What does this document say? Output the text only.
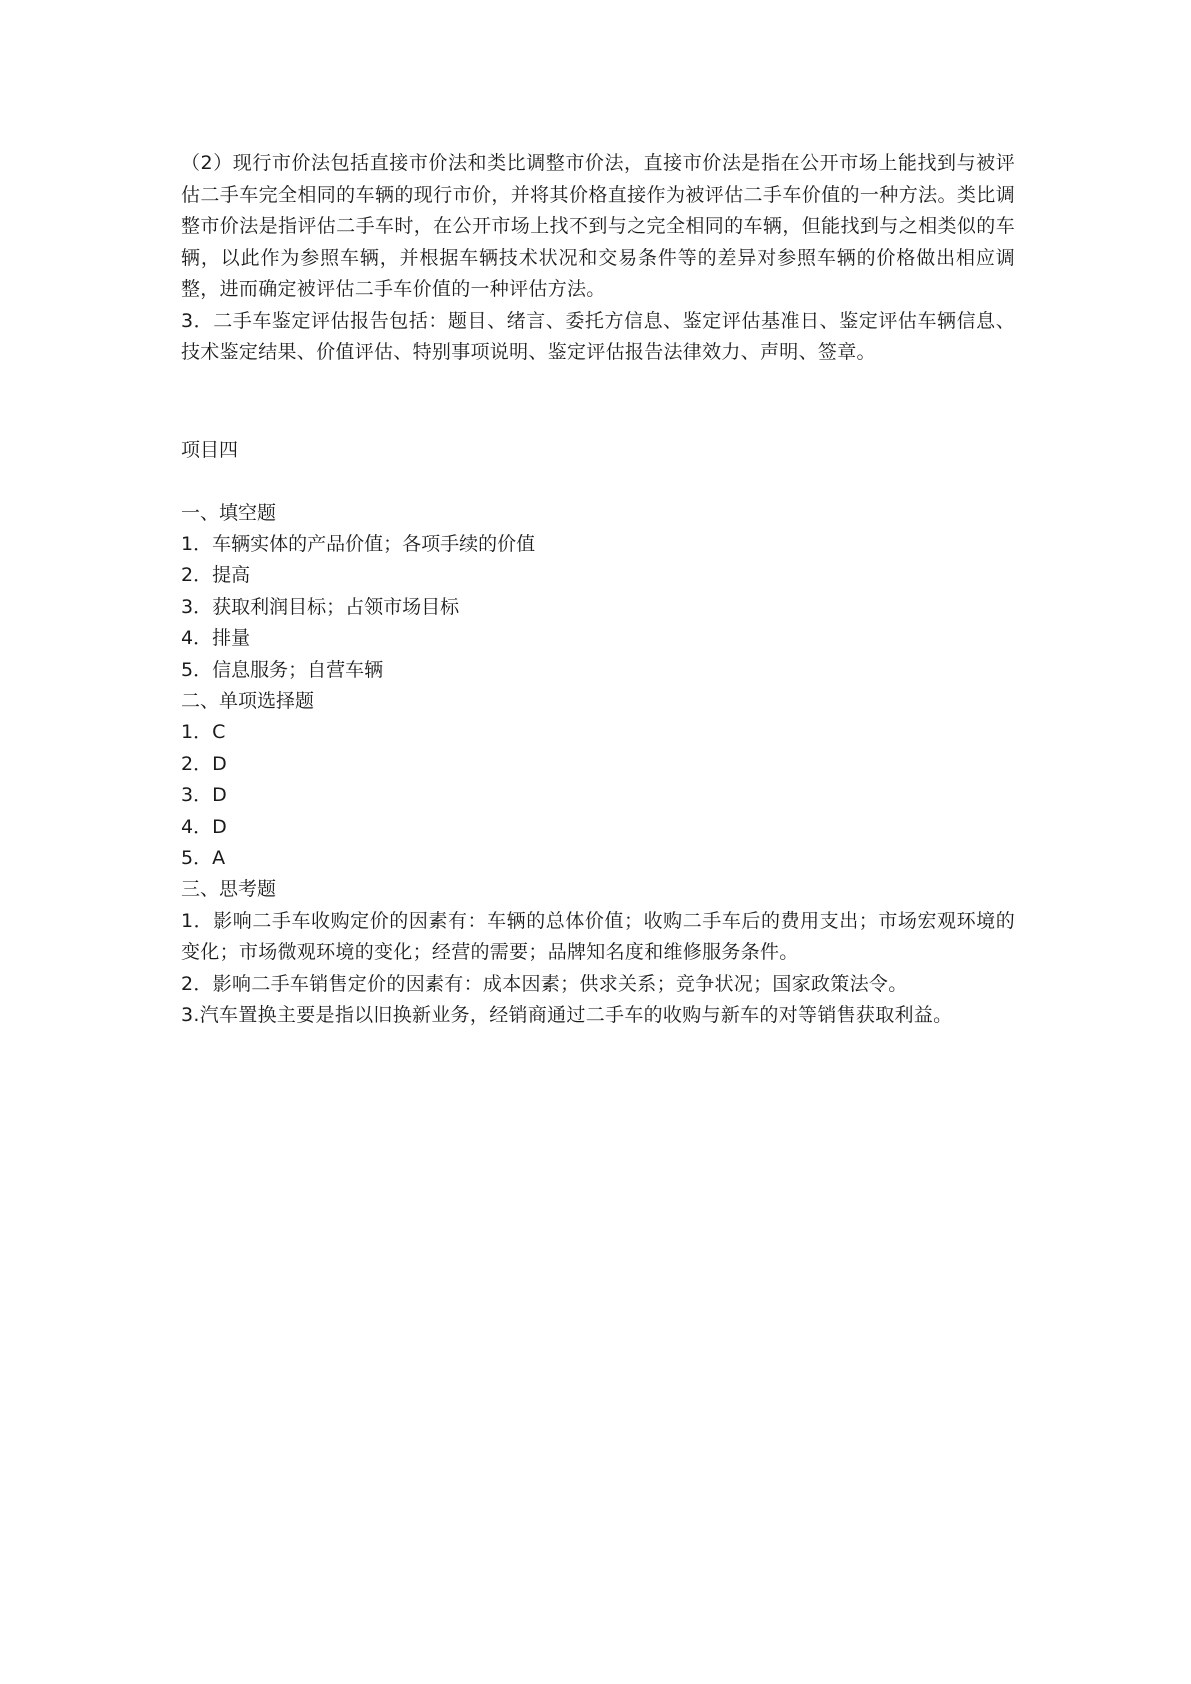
（2）现行市价法包括直接市价法和类比调整市价法，直接市价法是指在公开市场上能找到与被评估二手车完全相同的车辆的现行市价，并将其价格直接作为被评估二手车价值的一种方法。类比调整市价法是指评估二手车时，在公开市场上找不到与之完全相同的车辆，但能找到与之相类似的车辆，以此作为参照车辆，并根据车辆技术状况和交易条件等的差异对参照车辆的价格做出相应调整，进而确定被评估二手车价值的一种评估方法。

3．二手车鉴定评估报告包括：题目、绪言、委托方信息、鉴定评估基准日、鉴定评估车辆信息、技术鉴定结果、价值评估、特别事项说明、鉴定评估报告法律效力、声明、签章。

项目四

一、填空题

1．车辆实体的产品价值；各项手续的价值

2．提高

3．获取利润目标；占领市场目标

4．排量

5．信息服务；自营车辆

二、单项选择题

1．C

2．D

3．D

4．D

5．A

三、思考题

1．影响二手车收购定价的因素有：车辆的总体价值；收购二手车后的费用支出；市场宏观环境的变化；市场微观环境的变化；经营的需要；品牌知名度和维修服务条件。

2．影响二手车销售定价的因素有：成本因素；供求关系；竞争状况；国家政策法令。

3.汽车置换主要是指以旧换新业务，经销商通过二手车的收购与新车的对等销售获取利益。
